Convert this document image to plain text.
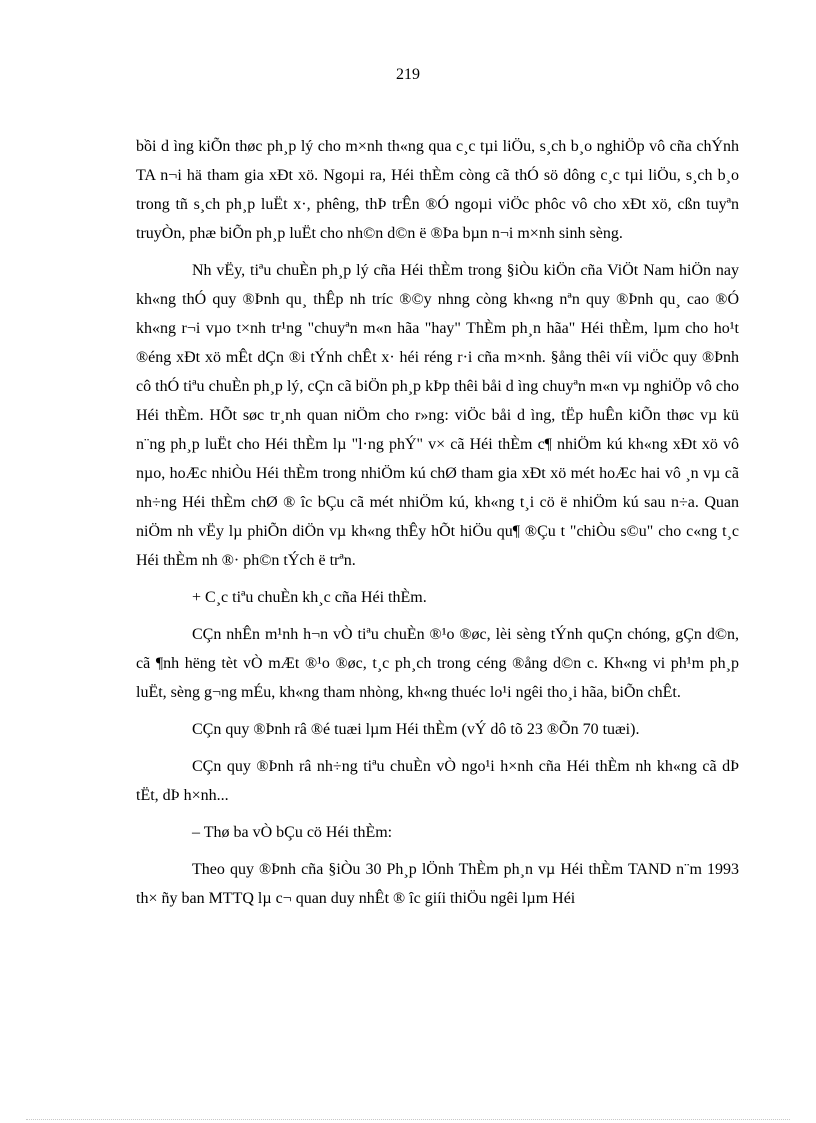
219

bồi d ìng kiÕn thøc ph¸p lý cho m×nh th«ng qua c¸c tµi liÖu, s¸ch b¸o nghiÖp vô cña chÝnh TA n¬i hä tham gia xÐt xö. Ngoµi ra, Héi thÈm còng cã thÓ sö dông c¸c tµi liÖu, s¸ch b¸o trong tñ s¸ch ph¸p luËt x·, phêng, thÞ trÊn ®Ó ngoµi viÖc phôc vô cho xÐt xö, cßn tuyªn truyÒn, phæ biÕn ph¸p luËt cho nh©n d©n ë ®Þa bµn n¬i m×nh sinh sèng.

Nh vËy, tiªu chuÈn ph¸p lý cña Héi thÈm trong §iÒu kiÖn cña ViÖt Nam hiÖn nay kh«ng thÓ quy ®Þnh qu¸ thÊp nh tríc ®©y nhng còng kh«ng nªn quy ®Þnh qu¸ cao ®Ó kh«ng r¬i vµo t×nh tr¹ng "chuyªn m«n hãa "hay" ThÈm ph¸n hãa" Héi thÈm, lµm cho ho¹t ®éng xÐt xö mÊt dÇn ®i tÝnh chÊt x· héi réng r·i cña m×nh. §ång thêi víi viÖc quy ®Þnh cô thÓ tiªu chuÈn ph¸p lý, cÇn cã biÖn ph¸p kÞp thêi båi d ìng chuyªn m«n vµ nghiÖp vô cho Héi thÈm. HÕt søc tr¸nh quan niÖm cho r»ng: viÖc båi d ìng, tËp huÊn kiÕn thøc vµ kü n¨ng ph¸p luËt cho Héi thÈm lµ "l·ng phÝ" v× cã Héi thÈm c¶ nhiÖm kú kh«ng xÐt xö vô nµo, hoÆc nhiÒu Héi thÈm trong nhiÖm kú chØ tham gia xÐt xö mét hoÆc hai vô ¸n vµ cã nh÷ng Héi thÈm chØ ® îc bÇu cã mét nhiÖm kú, kh«ng t¸i cö ë nhiÖm kú sau n÷a. Quan niÖm nh vËy lµ phiÕn diÖn vµ kh«ng thÊy hÕt hiÖu qu¶ ®Çu t "chiÒu s©u" cho c«ng t¸c Héi thÈm nh ®· ph©n tÝch ë trªn.

+ C¸c tiªu chuÈn kh¸c cña Héi thÈm.

CÇn nhÊn m¹nh h¬n vÒ tiªu chuÈn ®¹o ®øc, lèi sèng tÝnh quÇn chóng, gÇn d©n, cã ¶nh hëng tèt vÒ mÆt ®¹o ®øc, t¸c ph¸ch trong céng ®ång d©n c. Kh«ng vi ph¹m ph¸p luËt, sèng g¬ng mÉu, kh«ng tham nhòng, kh«ng thuéc lo¹i ngêi tho¸i hãa, biÕn chÊt.

CÇn quy ®Þnh râ ®é tuæi lµm Héi thÈm (vÝ dô tõ 23 ®Õn 70 tuæi).

CÇn quy ®Þnh râ nh÷ng tiªu chuÈn vÒ ngo¹i h×nh cña Héi thÈm nh kh«ng cã dÞ tËt, dÞ h×nh...

– Thø ba vÒ bÇu cö Héi thÈm:

Theo quy ®Þnh cña §iÒu 30 Ph¸p lÖnh ThÈm ph¸n vµ Héi thÈm TAND n¨m 1993 th× ñy ban MTTQ lµ c¬ quan duy nhÊt ® îc giíi thiÖu ngêi lµm Héi
